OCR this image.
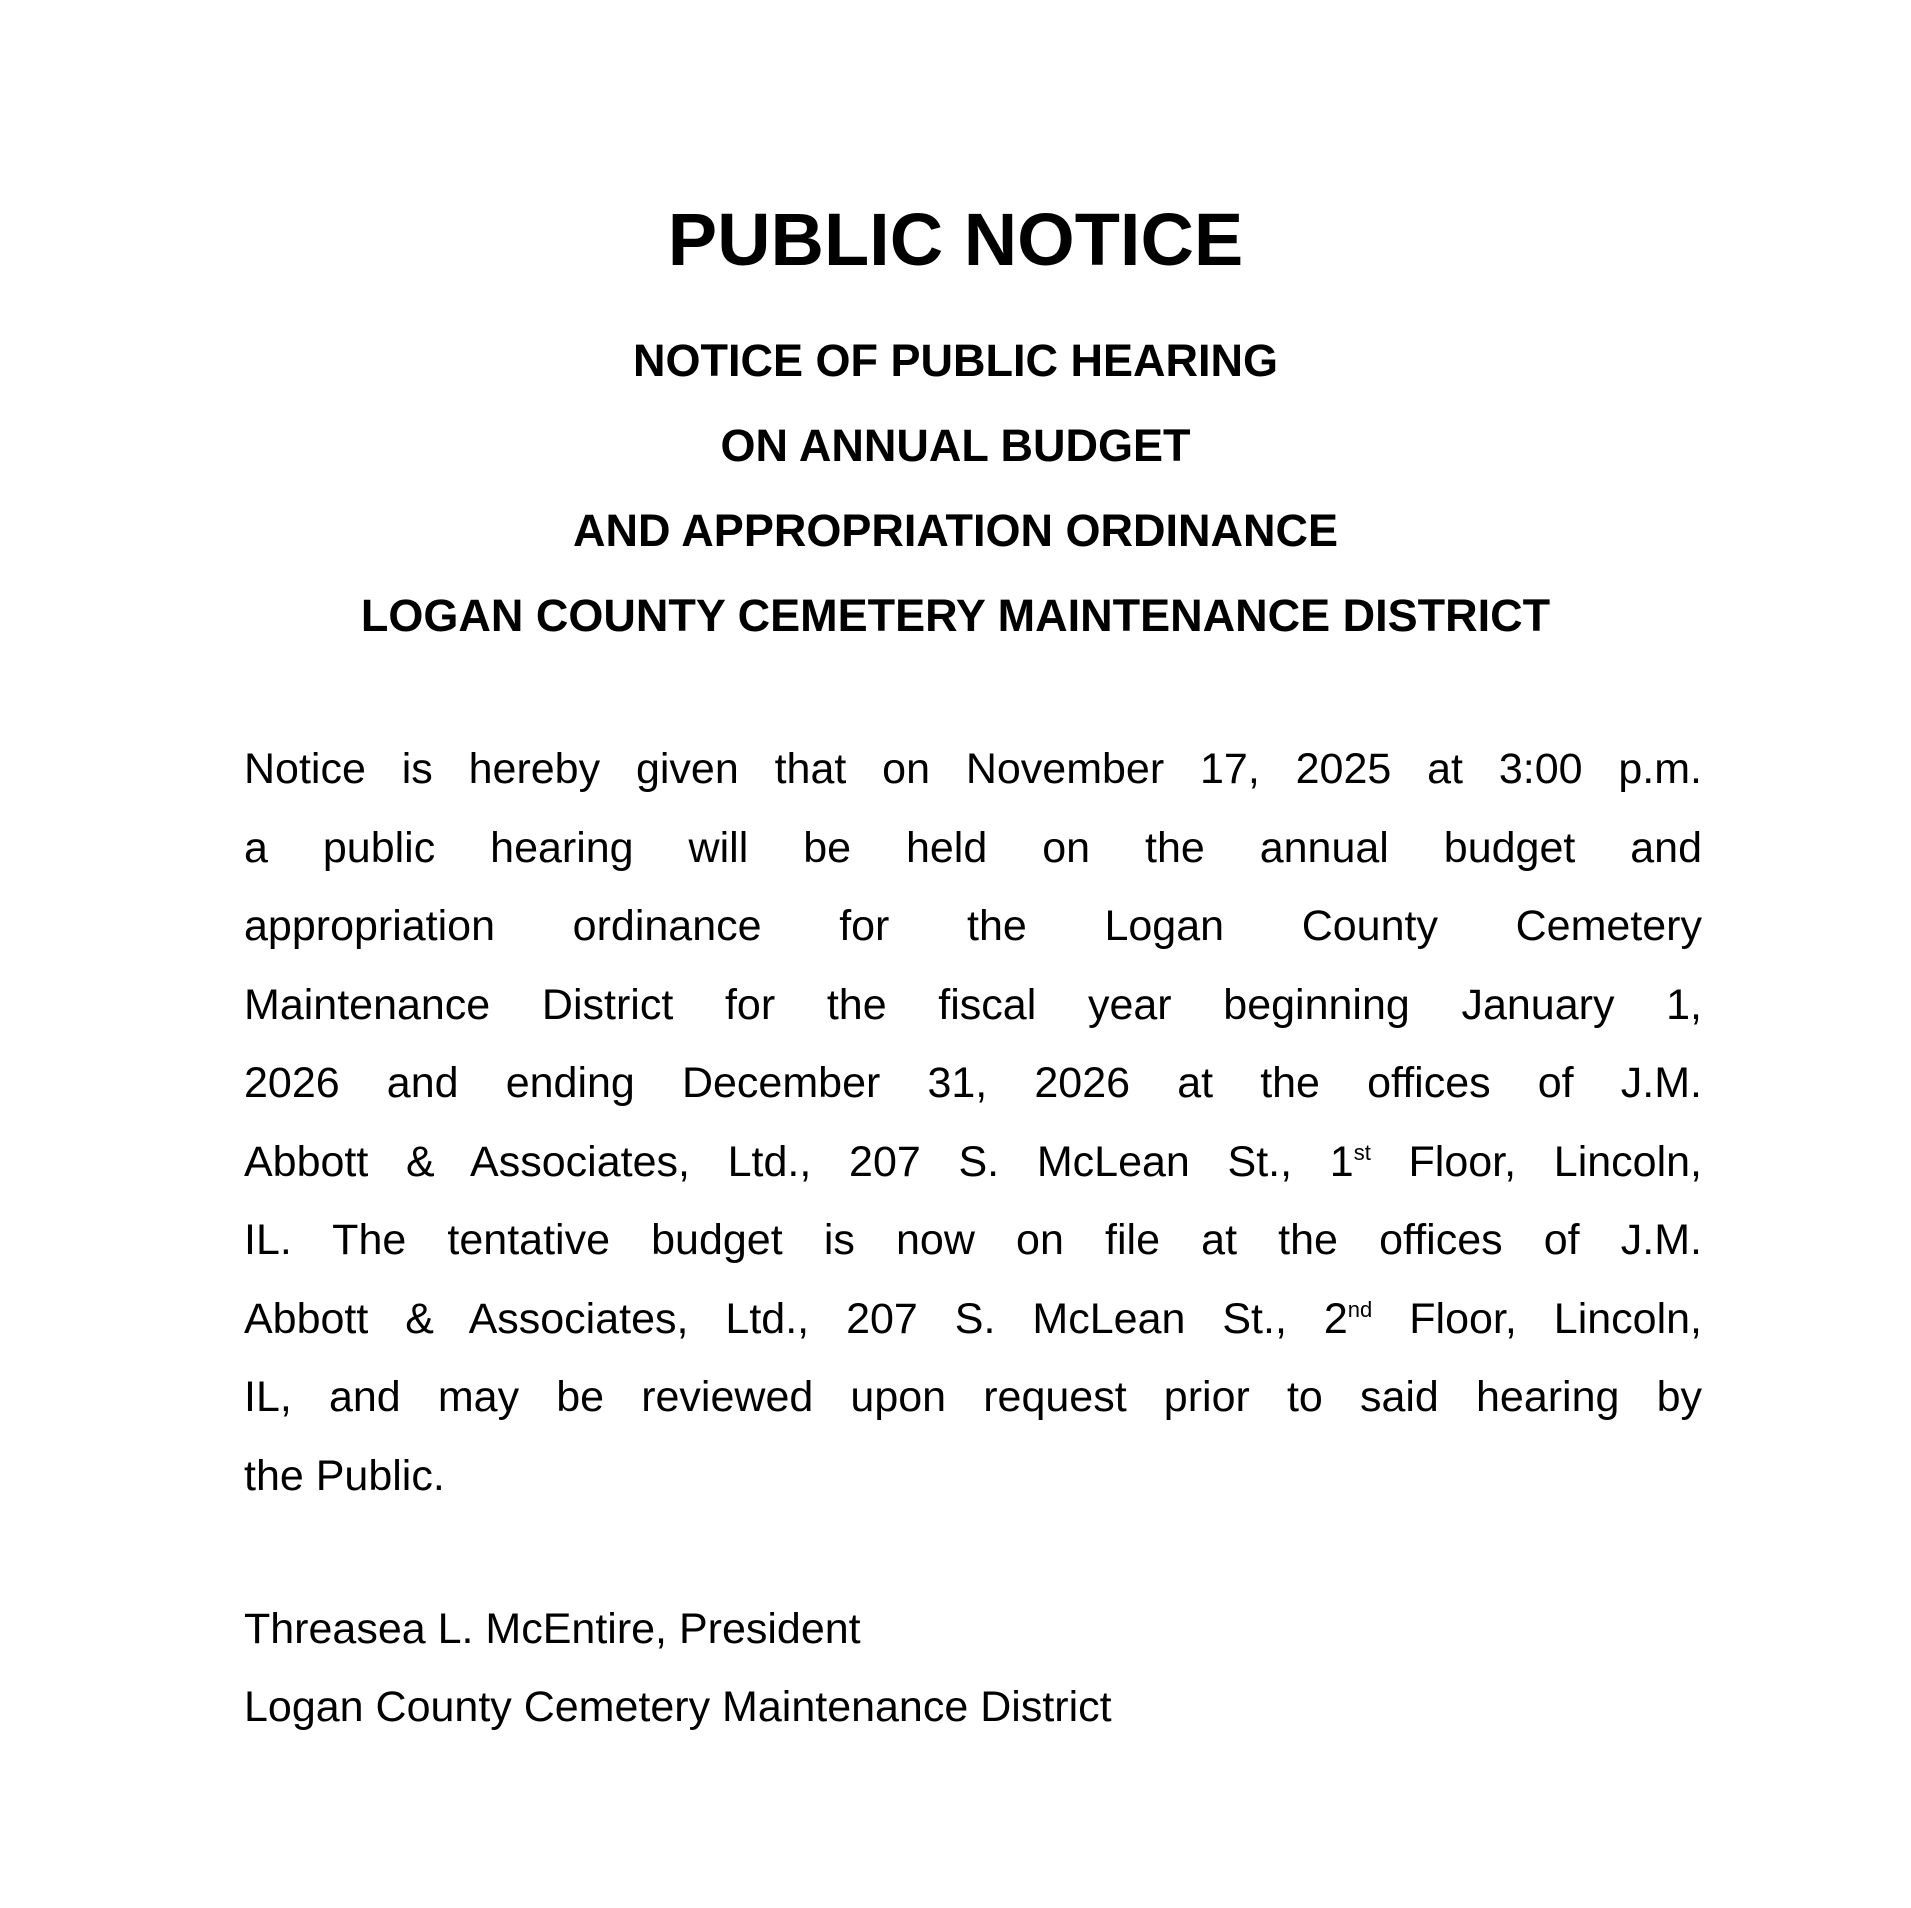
PUBLIC NOTICE
NOTICE OF PUBLIC HEARING
ON ANNUAL BUDGET
AND APPROPRIATION ORDINANCE
LOGAN COUNTY CEMETERY MAINTENANCE DISTRICT
Notice is hereby given that on November 17, 2025 at 3:00 p.m.
a public hearing will be held on the annual budget and
appropriation ordinance for the Logan County Cemetery
Maintenance District for the fiscal year beginning January 1,
2026 and ending December 31, 2026 at the offices of J.M.
Abbott & Associates, Ltd., 207 S. McLean St., 1st Floor, Lincoln,
IL. The tentative budget is now on file at the offices of J.M.
Abbott & Associates, Ltd., 207 S. McLean St., 2nd Floor, Lincoln,
IL, and may be reviewed upon request prior to said hearing by
the Public.
Threasea L. McEntire, President
Logan County Cemetery Maintenance District
